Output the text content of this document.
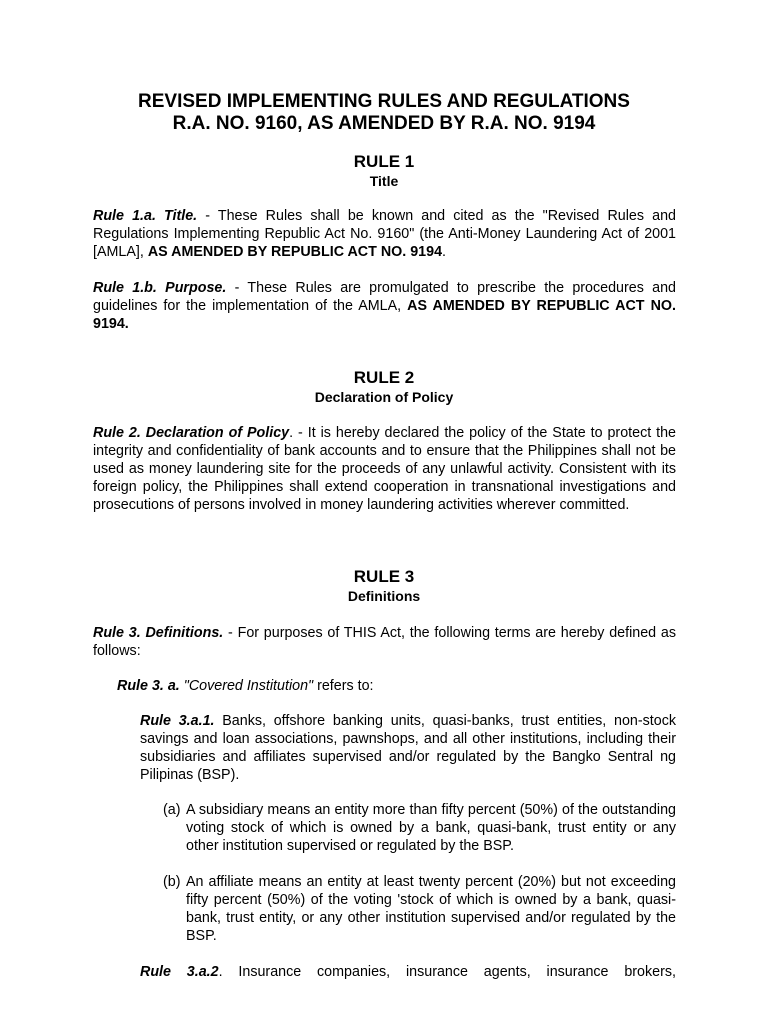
REVISED IMPLEMENTING RULES AND REGULATIONS
R.A. NO. 9160, AS AMENDED BY R.A. NO. 9194
RULE 1
Title
Rule 1.a. Title. - These Rules shall be known and cited as the "Revised Rules and Regulations Implementing Republic Act No. 9160" (the Anti-Money Laundering Act of 2001 [AMLA], AS AMENDED BY REPUBLIC ACT NO. 9194.
Rule 1.b. Purpose. - These Rules are promulgated to prescribe the procedures and guidelines for the implementation of the AMLA, AS AMENDED BY REPUBLIC ACT NO. 9194.
RULE 2
Declaration of Policy
Rule 2. Declaration of Policy. - It is hereby declared the policy of the State to protect the integrity and confidentiality of bank accounts and to ensure that the Philippines shall not be used as money laundering site for the proceeds of any unlawful activity. Consistent with its foreign policy, the Philippines shall extend cooperation in transnational investigations and prosecutions of persons involved in money laundering activities wherever committed.
RULE 3
Definitions
Rule 3. Definitions. - For purposes of THIS Act, the following terms are hereby defined as follows:
Rule 3. a. "Covered Institution" refers to:
Rule 3.a.1. Banks, offshore banking units, quasi-banks, trust entities, non-stock savings and loan associations, pawnshops, and all other institutions, including their subsidiaries and affiliates supervised and/or regulated by the Bangko Sentral ng Pilipinas (BSP).
(a) A subsidiary means an entity more than fifty percent (50%) of the outstanding voting stock of which is owned by a bank, quasi-bank, trust entity or any other institution supervised or regulated by the BSP.
(b) An affiliate means an entity at least twenty percent (20%) but not exceeding fifty percent (50%) of the voting 'stock of which is owned by a bank, quasi-bank, trust entity, or any other institution supervised and/or regulated by the BSP.
Rule 3.a.2. Insurance companies, insurance agents, insurance brokers,
